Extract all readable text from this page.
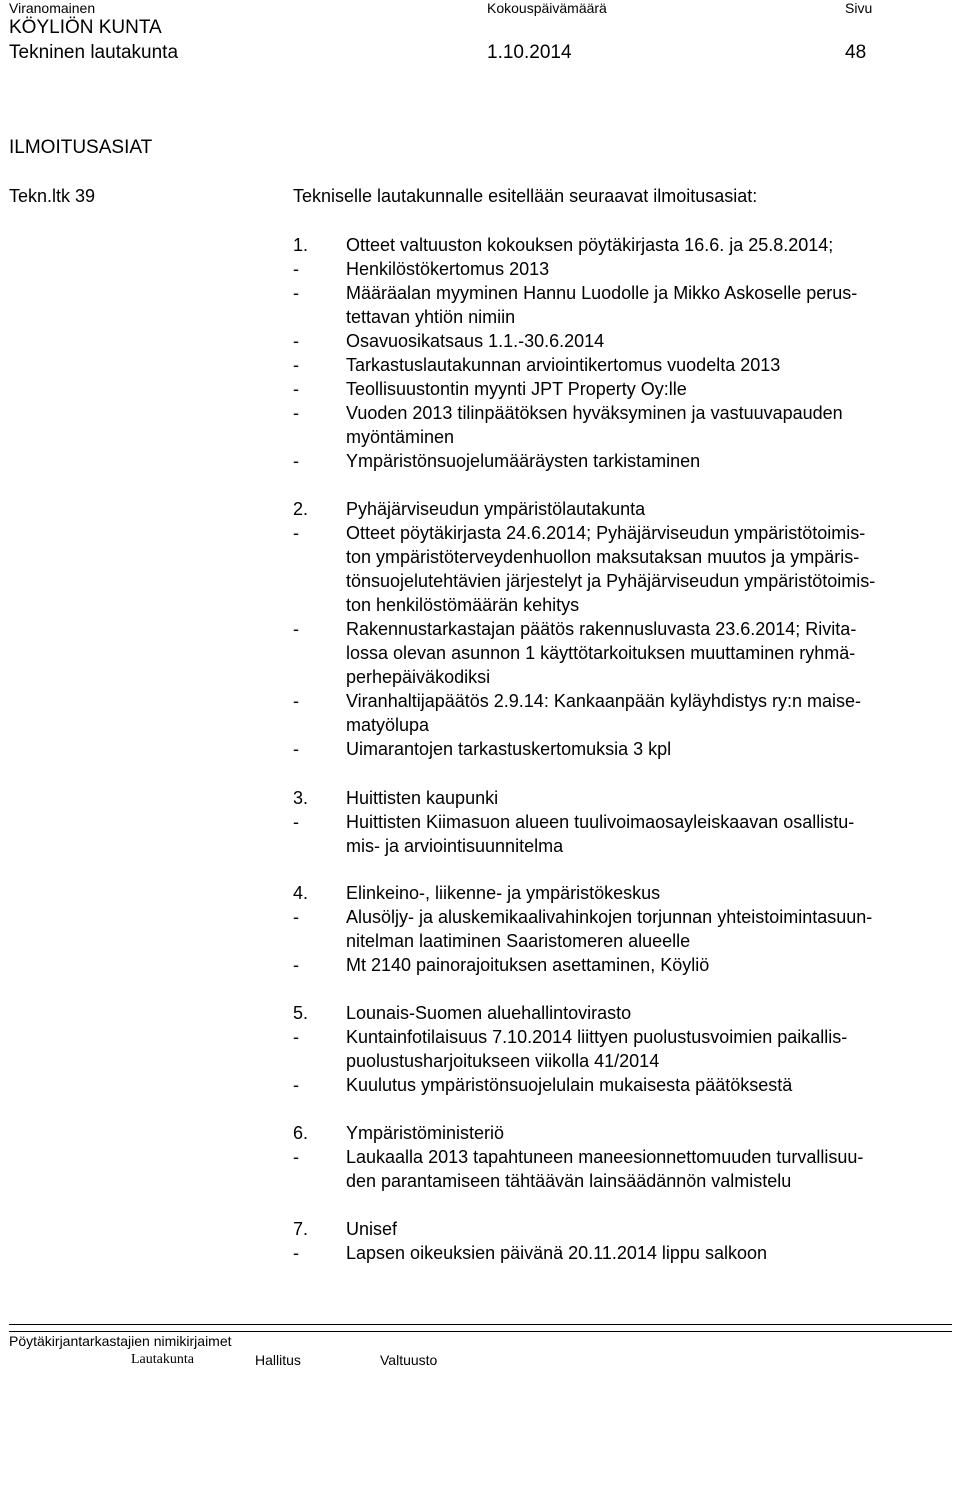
Viranomainen	Kokouspäivämäärä	Sivu
KÖYLIÖN KUNTA
Tekninen lautakunta	1.10.2014	48
ILMOITUSASIAT
Tekn.ltk 39	Tekniselle lautakunnalle esitellään seuraavat ilmoitusasiat:
1. Otteet valtuuston kokouksen pöytäkirjasta 16.6. ja 25.8.2014;
-	Henkilöstökertomus 2013
-	Määräalan myyminen Hannu Luodolle ja Mikko Askoselle perus-
tettavan yhtiön nimiin
-	Osavuosikatsaus 1.1.-30.6.2014
-	Tarkastuslautakunnan arviointikertomus vuodelta 2013
-	Teollisuustontin myynti JPT Property Oy:lle
-	Vuoden 2013 tilinpäätöksen hyväksyminen ja vastuuvapauden
myöntäminen
-	Ympäristönsuojelumääräysten tarkistaminen
2. Pyhäjärviseudun ympäristölautakunta
-	Otteet pöytäkirjasta 24.6.2014; Pyhäjärviseudun ympäristötoimis-
ton ympäristöterveydenhuollon maksutaksan muutos ja ympäris-
tönsuojelutehtävien järjestelyt ja Pyhäjärviseudun ympäristötoimis-
ton henkilöstömäärän kehitys
-	Rakennustarkastajan päätös rakennusluvasta 23.6.2014; Rivita-
lossa olevan asunnon 1 käyttötarkoituksen muuttaminen ryhmä-
perhepäiväkodiksi
-	Viranhaltijapäätös 2.9.14: Kankaanpään kyläyhdistys ry:n maise-
matyölupa
-	Uimarantojen tarkastuskertomuksia 3 kpl
3. Huittisten kaupunki
-	Huittisten Kiimasuon alueen tuulivoimaosayleiskaavan osallistu-
mis- ja arviointisuunnitelma
4. Elinkeino-, liikenne- ja ympäristökeskus
-	Alusöljy- ja aluskemikaalivahinkojen torjunnan yhteistoimintasuun-
nitelman laatiminen Saaristomeren alueelle
-	Mt 2140 painorajoituksen asettaminen, Köyliö
5. Lounais-Suomen aluehallintovirasto
-	Kuntainfotilaisuus 7.10.2014 liittyen puolustusvoimien paikallis-
puolustusharjoitukseen viikolla 41/2014
-	Kuulutus ympäristönsuojelulain mukaisesta päätöksestä
6. Ympäristöministeriö
-	Laukaalla 2013 tapahtuneen maneesionnettomuuden turvallisuu-
den parantamiseen tähtäävän lainsäädännön valmistelu
7. Unisef
-	Lapsen oikeuksien päivänä 20.11.2014 lippu salkoon
Pöytäkirjantarkastajien nimikirjaimet
Lautakunta	Hallitus	Valtuusto
